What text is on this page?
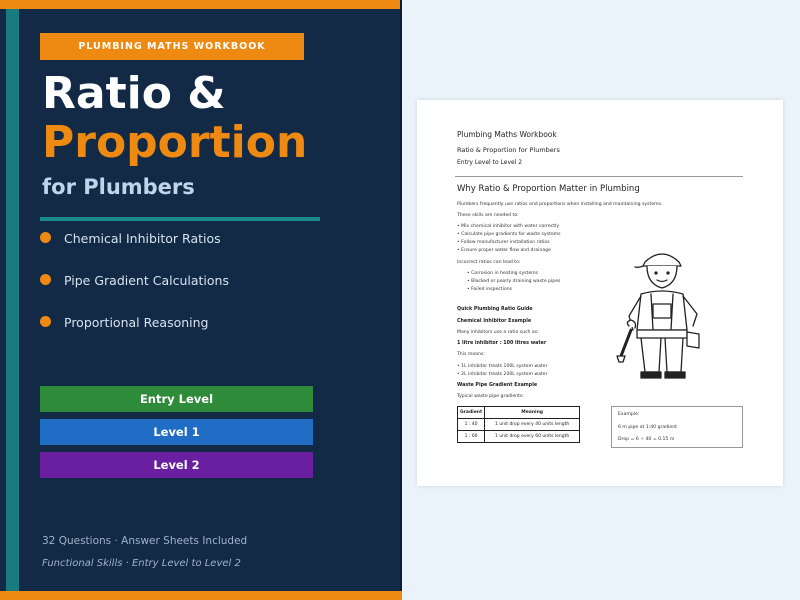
PLUMBING MATHS WORKBOOK
Ratio &
Proportion
for Plumbers
Chemical Inhibitor Ratios
Pipe Gradient Calculations
Proportional Reasoning
Entry Level
Level 1
Level 2
32 Questions · Answer Sheets Included
Functional Skills · Entry Level to Level 2
Plumbing Maths Workbook
Ratio & Proportion for Plumbers
Entry Level to Level 2
Why Ratio & Proportion Matter in Plumbing
Plumbers frequently use ratios and proportions when installing and maintaining systems.
These skills are needed to:
• Mix chemical inhibitor with water correctly
• Calculate pipe gradients for waste systems
• Follow manufacturer installation ratios
• Ensure proper water flow and drainage
Incorrect ratios can lead to:
• Corrosion in heating systems
• Blocked or poorly draining waste pipes
• Failed inspections
Quick Plumbing Ratio Guide
Chemical Inhibitor Example
Many inhibitors use a ratio such as:
1 litre inhibitor : 100 litres water
This means:
• 1L inhibitor treats 100L system water
• 2L inhibitor treats 200L system water
Waste Pipe Gradient Example
Typical waste pipe gradients:
Gradient	Meaning
1 : 40	1 unit drop every 40 units length
1 : 60	1 unit drop every 60 units length
Example:
6 m pipe at 1:40 gradient
Drop = 6 ÷ 40 = 0.15 m
